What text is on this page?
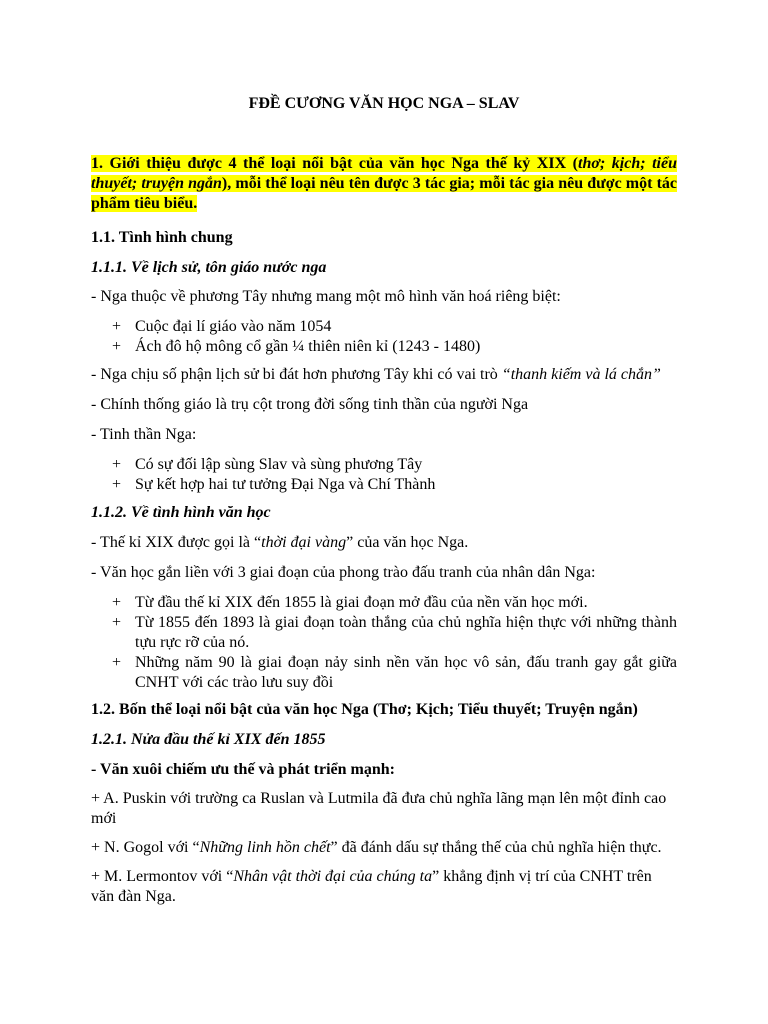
FĐỀ CƯƠNG VĂN HỌC NGA – SLAV

1. Giới thiệu được 4 thể loại nổi bật của văn học Nga thế kỷ XIX (thơ; kịch; tiểu thuyết; truyện ngắn), mỗi thể loại nêu tên được 3 tác gia; mỗi tác gia nêu được một tác phẩm tiêu biểu.

1.1. Tình hình chung

1.1.1. Về lịch sử, tôn giáo nước nga

- Nga thuộc về phương Tây nhưng mang một mô hình văn hoá riêng biệt:

+ Cuộc đại lí giáo vào năm 1054
+ Ách đô hộ mông cổ gần ¼ thiên niên kỉ (1243 - 1480)

- Nga chịu số phận lịch sử bi đát hơn phương Tây khi có vai trò “thanh kiếm và lá chắn”

- Chính thống giáo là trụ cột trong đời sống tinh thần của người Nga

- Tinh thần Nga:

+ Có sự đối lập sùng Slav và sùng phương Tây
+ Sự kết hợp hai tư tưởng Đại Nga và Chí Thành

1.1.2. Về tình hình văn học

- Thế kỉ XIX được gọi là “thời đại vàng” của văn học Nga.

- Văn học gắn liền với 3 giai đoạn của phong trào đấu tranh của nhân dân Nga:

+ Từ đầu thế kỉ XIX đến 1855 là giai đoạn mở đầu của nền văn học mới.
+ Từ 1855 đến 1893 là giai đoạn toàn thắng của chủ nghĩa hiện thực với những thành tựu rực rỡ của nó.
+ Những năm 90 là giai đoạn nảy sinh nền văn học vô sản, đấu tranh gay gắt giữa CNHT với các trào lưu suy đồi

1.2. Bốn thể loại nổi bật của văn học Nga (Thơ; Kịch; Tiểu thuyết; Truyện ngắn)

1.2.1. Nửa đầu thế kỉ XIX đến 1855

- Văn xuôi chiếm ưu thế và phát triển mạnh:

+ A. Puskin với trường ca Ruslan và Lutmila đã đưa chủ nghĩa lãng mạn lên một đỉnh cao mới

+ N. Gogol với “Những linh hồn chết” đã đánh dấu sự thắng thế của chủ nghĩa hiện thực.

+ M. Lermontov với “Nhân vật thời đại của chúng ta” khẳng định vị trí của CNHT trên văn đàn Nga.
